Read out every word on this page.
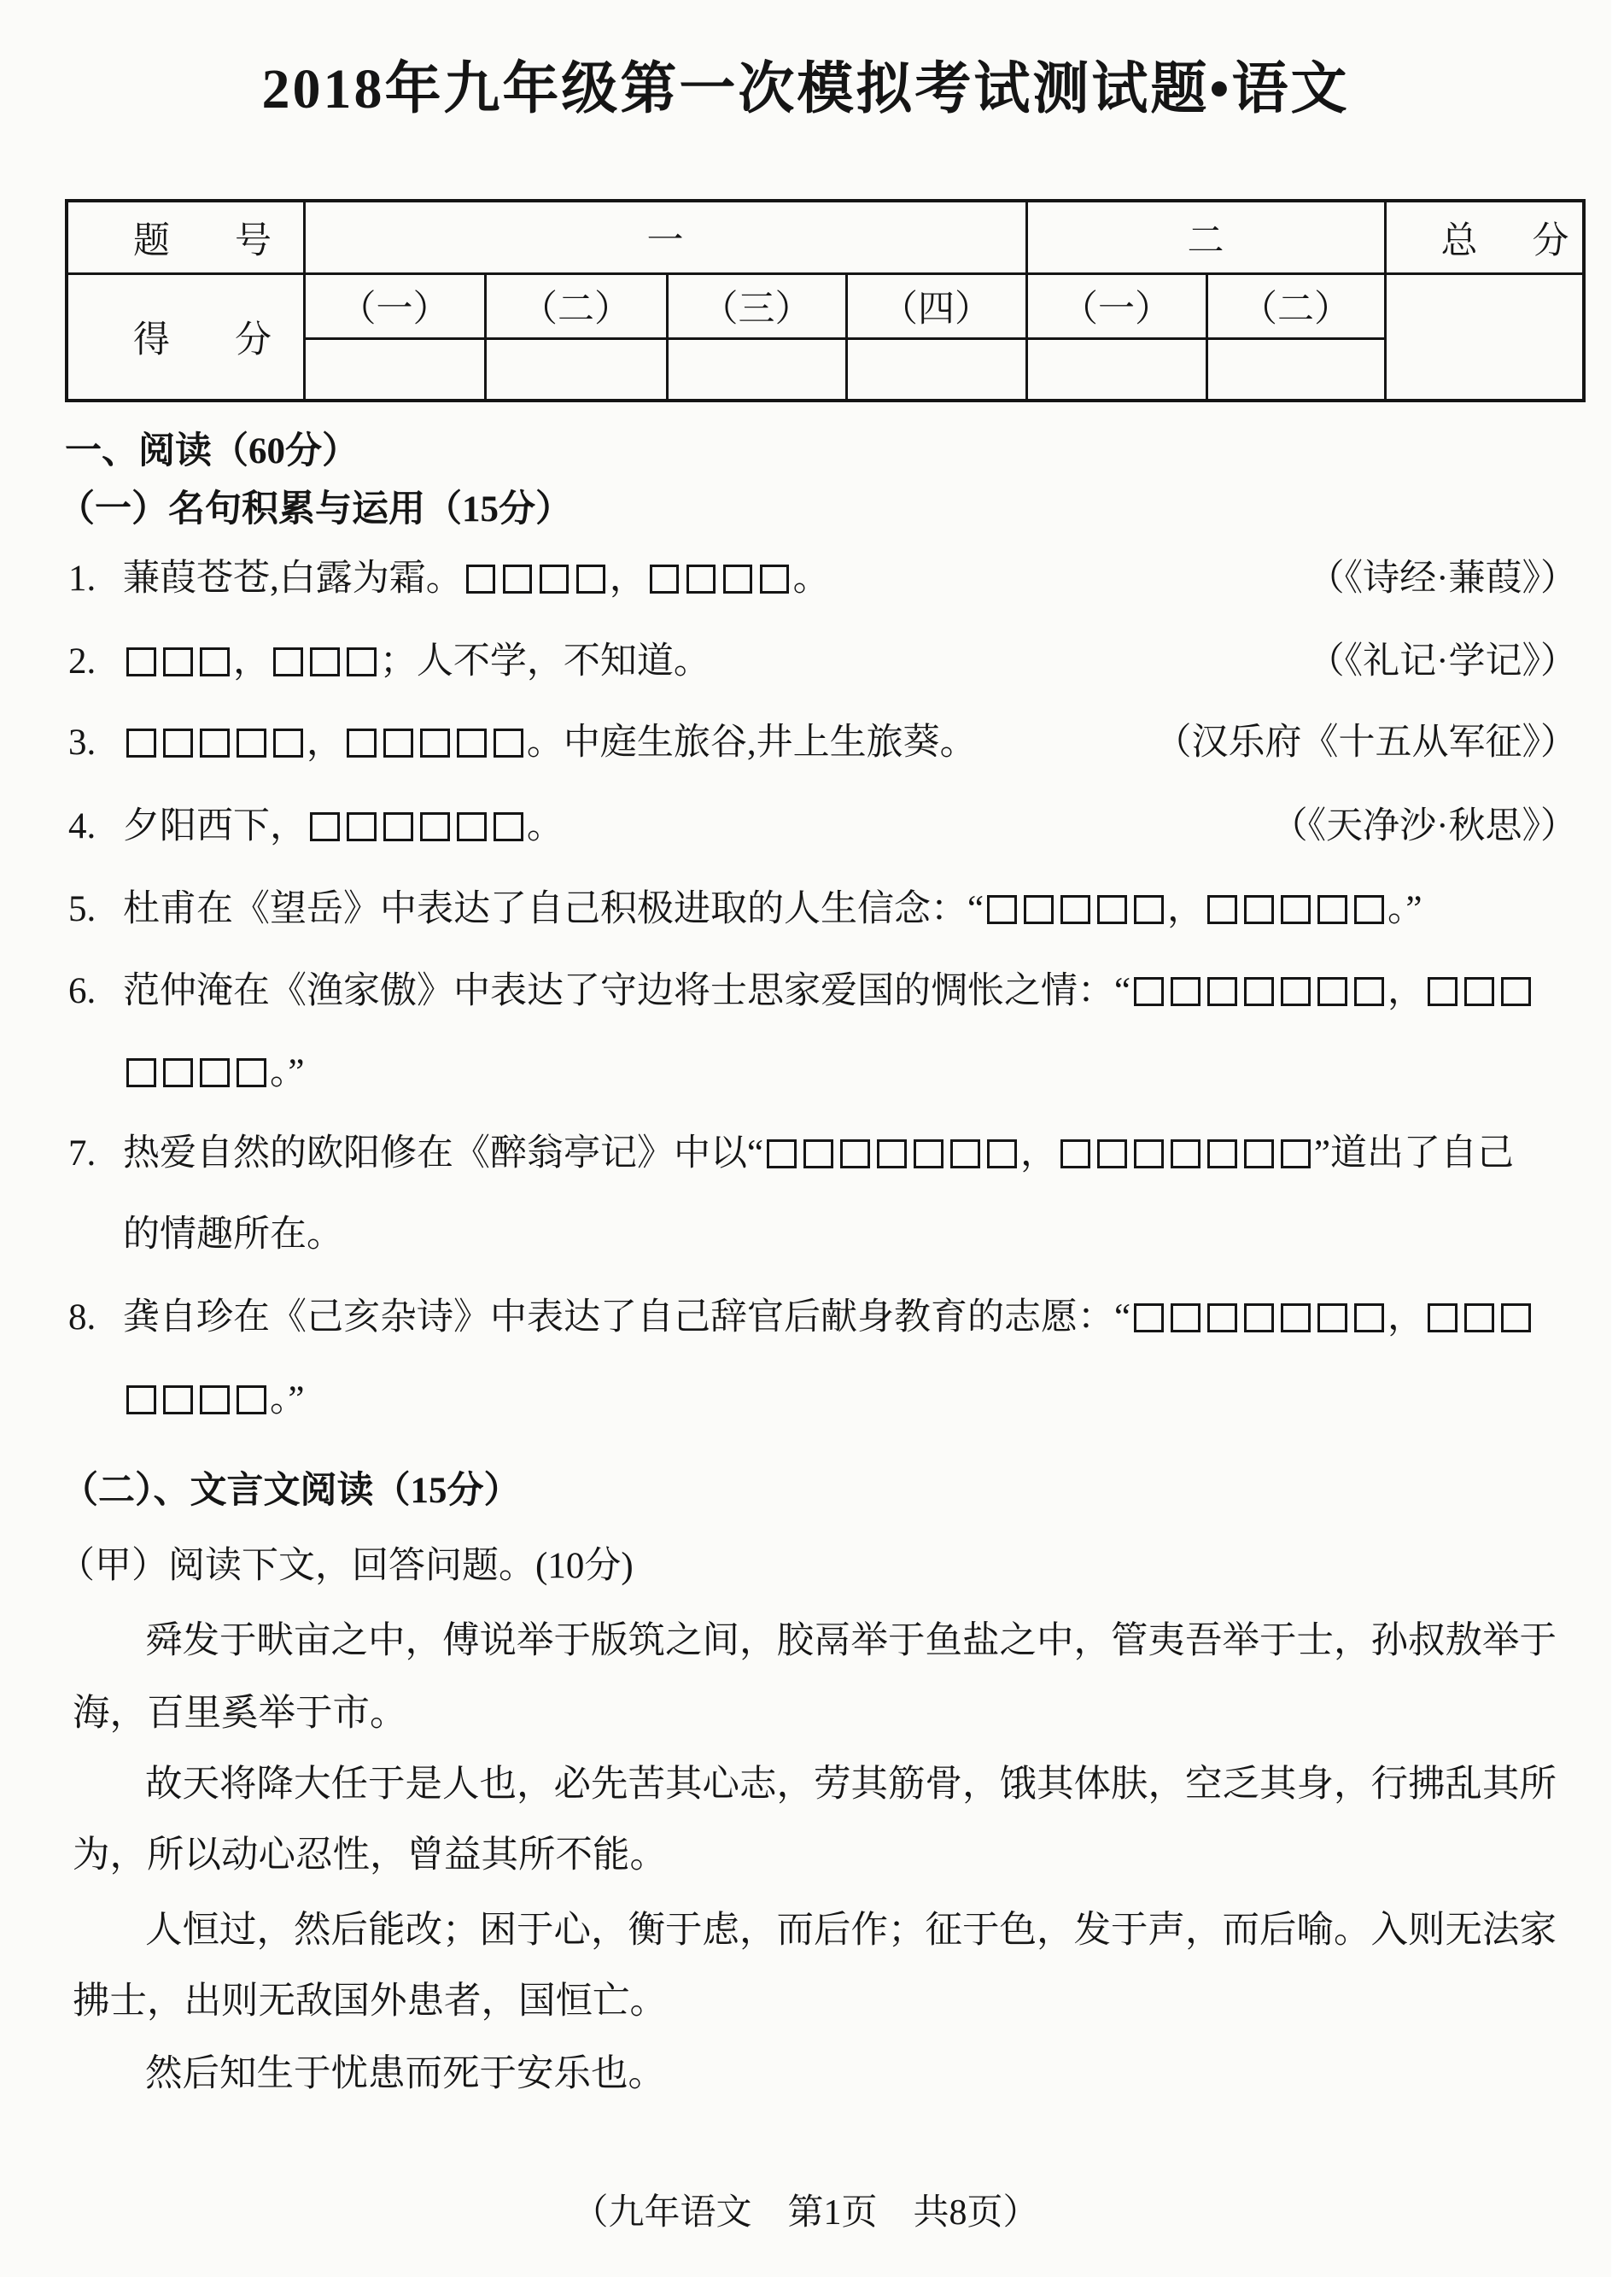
2018年九年级第一次模拟考试测试题•语文
题号	一				二		总分
得分	（一）	（二）	（三）	（四）	（一）	（二）	

一、阅读（60分）
（一）名句积累与运用（15分）
1. 蒹葭苍苍,白露为霜。	，	。	（《诗经·蒹葭》）
2.	，	；人不学，不知道。	（《礼记·学记》）
3.	，	。中庭生旅谷,井上生旅葵。	（汉乐府《十五从军征》）
4. 夕阳西下，	。	（《天净沙·秋思》）
5. 杜甫在《望岳》中表达了自己积极进取的人生信念：“	，	。”
6. 范仲淹在《渔家傲》中表达了守边将士思家爱国的惆怅之情：“	，
。”
7. 热爱自然的欧阳修在《醉翁亭记》中以“	，	”道出了自己
的情趣所在。
8. 龚自珍在《己亥杂诗》中表达了自己辞官后献身教育的志愿：“	，
。”
（二）、文言文阅读（15分）
（甲）阅读下文，回答问题。(10分)
舜发于畎亩之中，傅说举于版筑之间，胶鬲举于鱼盐之中，管夷吾举于士，孙叔敖举于
海，百里奚举于市。
故天将降大任于是人也，必先苦其心志，劳其筋骨，饿其体肤，空乏其身，行拂乱其所
为，所以动心忍性，曾益其所不能。
人恒过，然后能改；困于心，衡于虑，而后作；征于色，发于声，而后喻。入则无法家
拂士，出则无敌国外患者，国恒亡。
然后知生于忧患而死于安乐也。
（九年语文　第1页　共8页）
